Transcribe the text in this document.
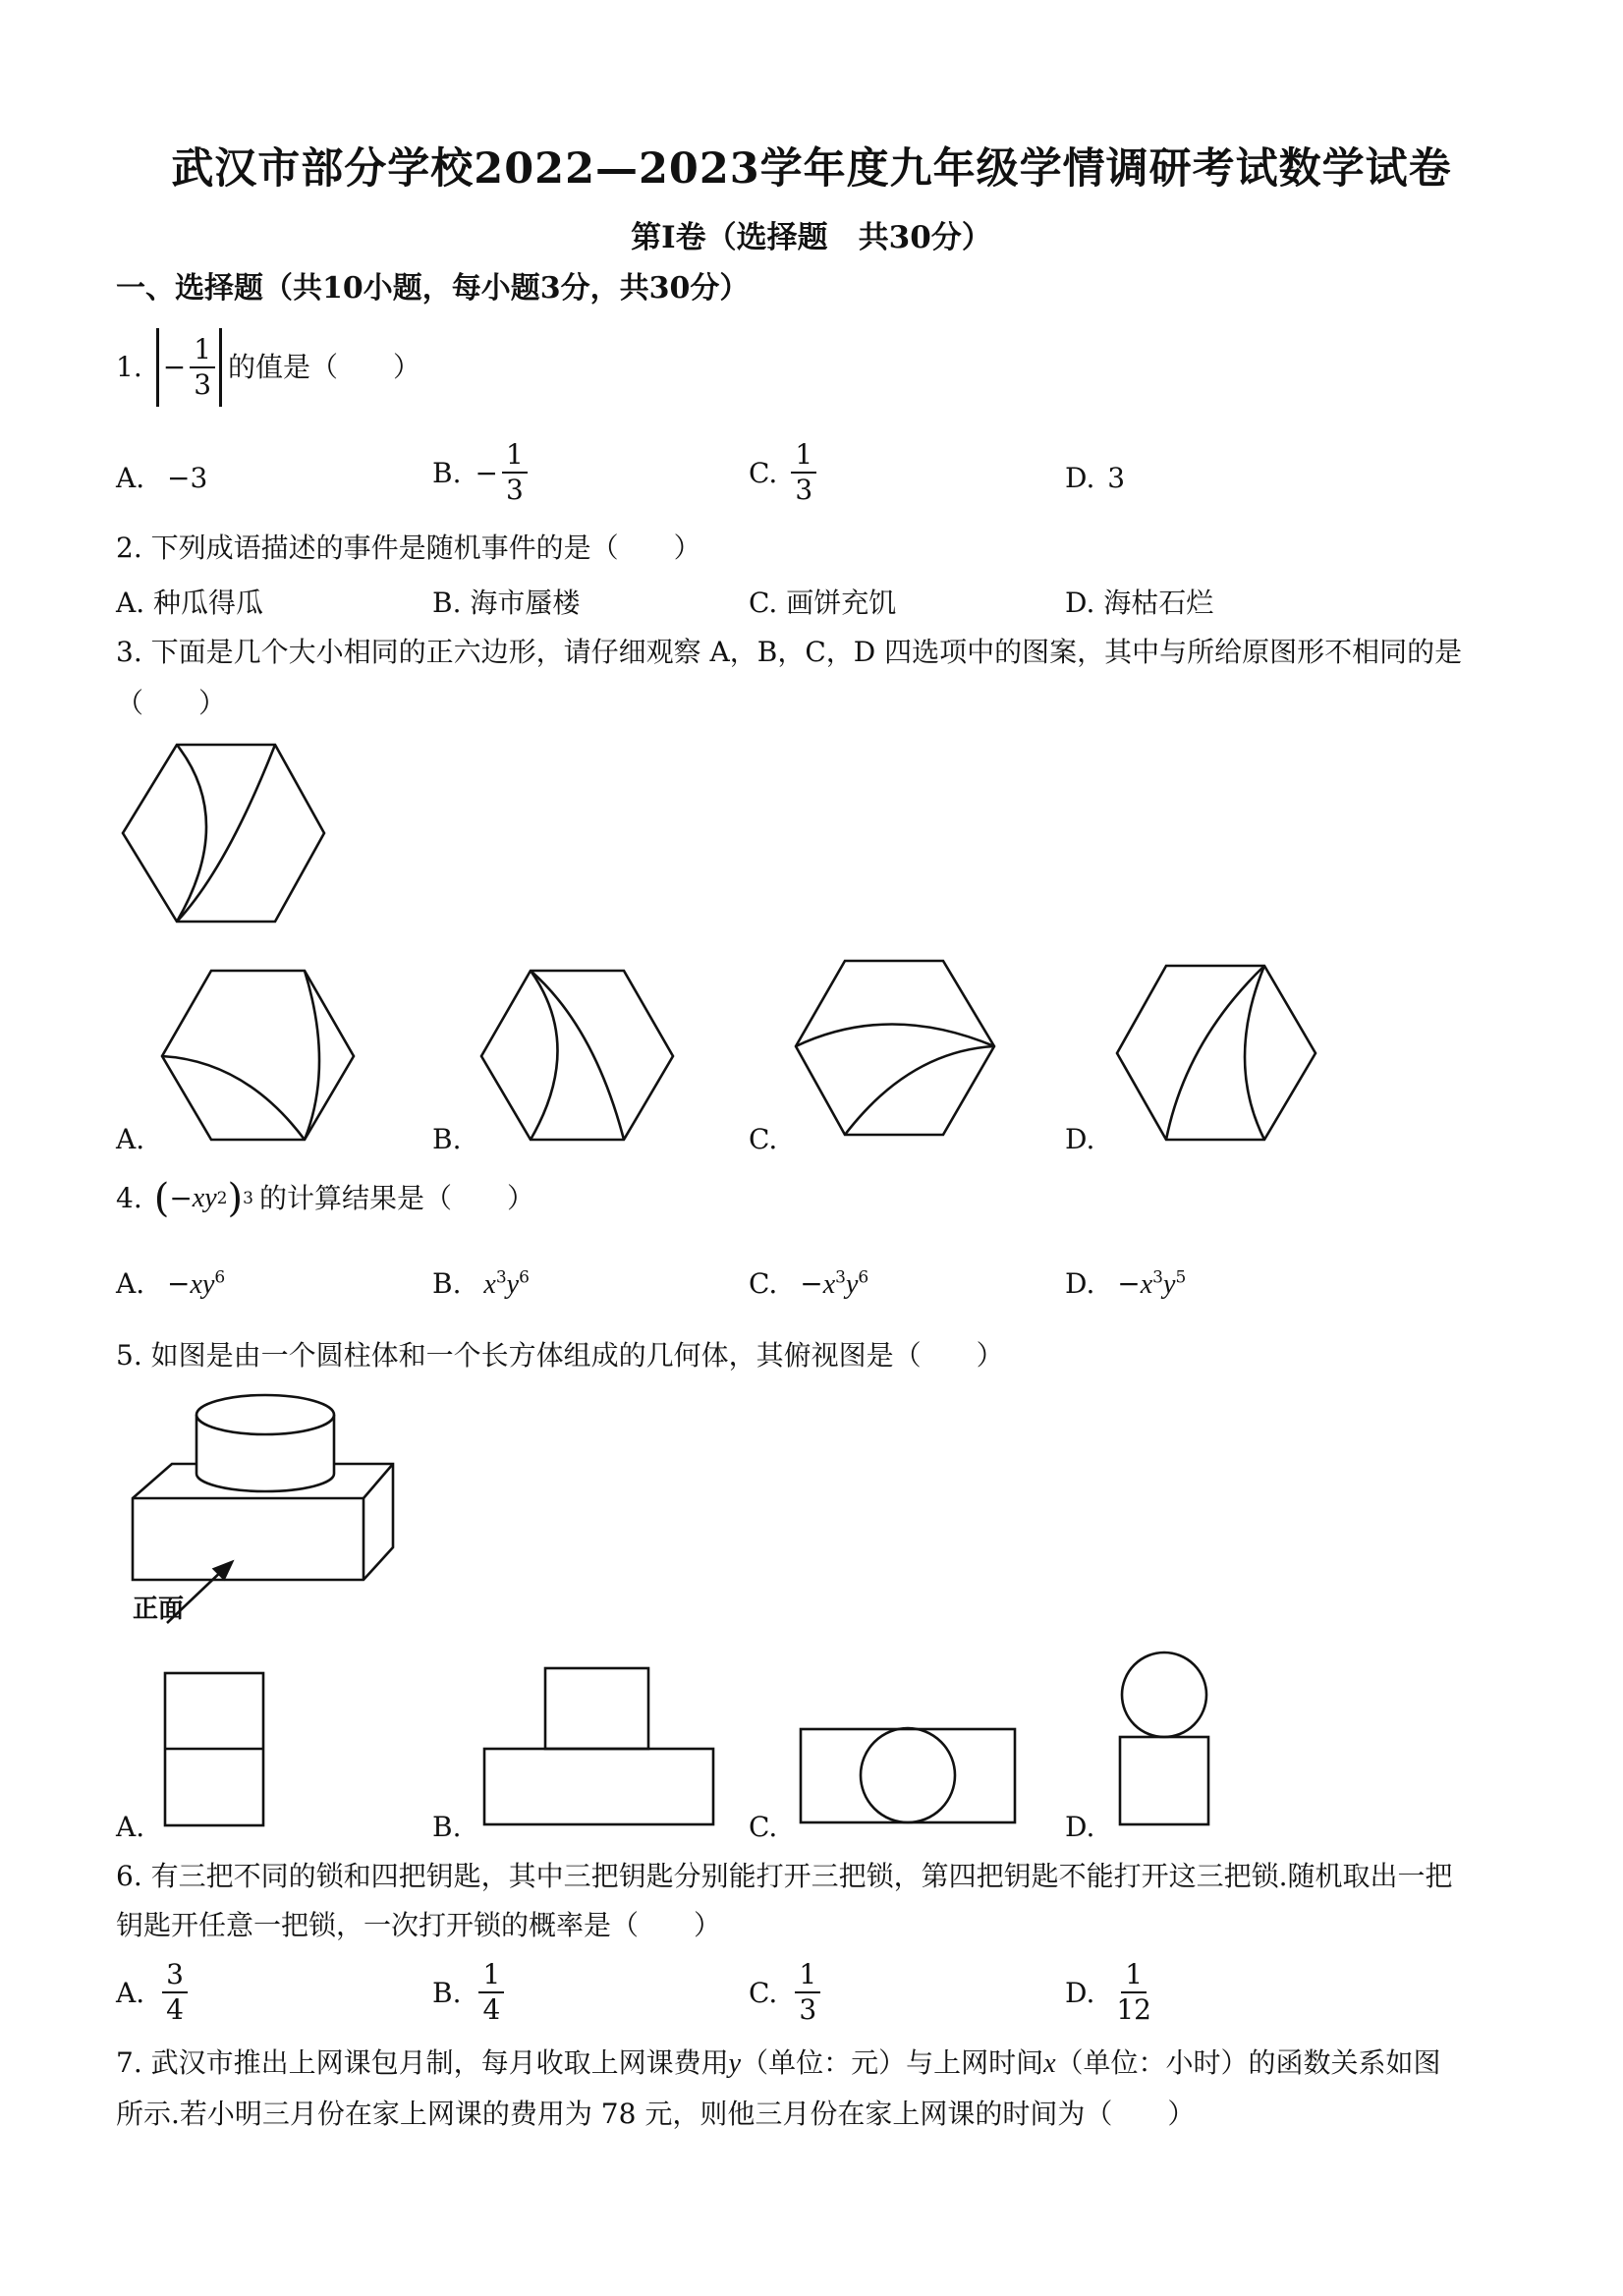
武汉市部分学校2022—2023学年度九年级学情调研考试数学试卷
第Ⅰ卷（选择题　共30分）
一、选择题（共10小题，每小题3分，共30分）
1. − $\frac{1}{3}$ 的值是（　　）
A. −3	B. − $\frac{1}{3}$	C. $\frac{1}{3}$	D. 3
2. 下列成语描述的事件是随机事件的是（　　）
A. 种瓜得瓜	B. 海市蜃楼	C. 画饼充饥	D. 海枯石烂
3. 下面是几个大小相同的正六边形，请仔细观察 A，B，C，D 四选项中的图案，其中与所给原图形不相同的是
（　　）
A.	B.	C.	D.
4. ( − x y 2 ) 3 的计算结果是（　　）
A. $-xy^6$	B. $x^3y^6$	C. $-x^3y^6$	D. $-x^3y^5$
5. 如图是由一个圆柱体和一个长方体组成的几何体，其俯视图是（　　）
正面
A.	B.	C.	D.
6. 有三把不同的锁和四把钥匙，其中三把钥匙分别能打开三把锁，第四把钥匙不能打开这三把锁.随机取出一把
钥匙开任意一把锁，一次打开锁的概率是（　　）
A. $\frac{3}{4}$	B. $\frac{1}{4}$	C. $\frac{1}{3}$	D. $\frac{1}{12}$
7. 武汉市推出上网课包月制，每月收取上网课费用y（单位：元）与上网时间x（单位：小时）的函数关系如图
所示.若小明三月份在家上网课的费用为 78 元，则他三月份在家上网课的时间为（　　）
